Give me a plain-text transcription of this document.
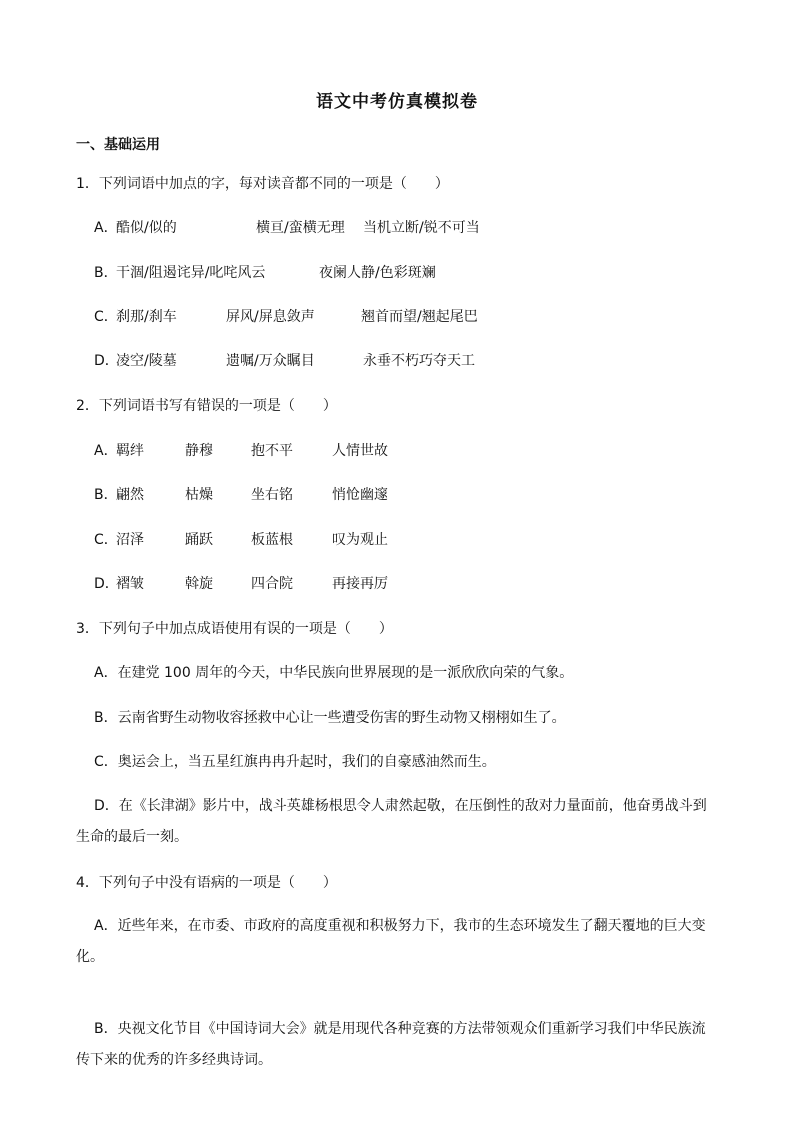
语文中考仿真模拟卷
一、基础运用
1．下列词语中加点的字，每对读音都不同的一项是（　　）
A．
酷似/似的	横亘/蛮横无理 当机立断/锐不可当
B．
干涸/阻遏诧异/叱咤风云	夜阑人静/色彩斑斓
C．
刹那/刹车	屏风/屏息敛声	翘首而望/翘起尾巴
D．
凌空/陵墓	遗嘱/万众瞩目	永垂不朽巧夺天工
2．下列词语书写有错误的一项是（　　）
A．
羁绊	静穆	抱不平	人情世故
B．
翩然	枯燥	坐右铭	悄怆幽邃
C．
沼泽	踊跃	板蓝根	叹为观止
D．
褶皱	斡旋	四合院	再接再厉
3．下列句子中加点成语使用有误的一项是（　　）
A．在建党 100 周年的今天，中华民族向世界展现的是一派欣欣向荣的气象。
B．云南省野生动物收容拯救中心让一些遭受伤害的野生动物又栩栩如生了。
C．奥运会上，当五星红旗冉冉升起时，我们的自豪感油然而生。
D．在《长津湖》影片中，战斗英雄杨根思令人肃然起敬，在压倒性的敌对力量面前，他奋勇战斗到生命的最后一刻。
4．下列句子中没有语病的一项是（　　）
A．近些年来，在市委、市政府的高度重视和积极努力下，我市的生态环境发生了翻天覆地的巨大变化。
B．央视文化节目《中国诗词大会》就是用现代各种竞赛的方法带领观众们重新学习我们中华民族流传下来的优秀的许多经典诗词。
